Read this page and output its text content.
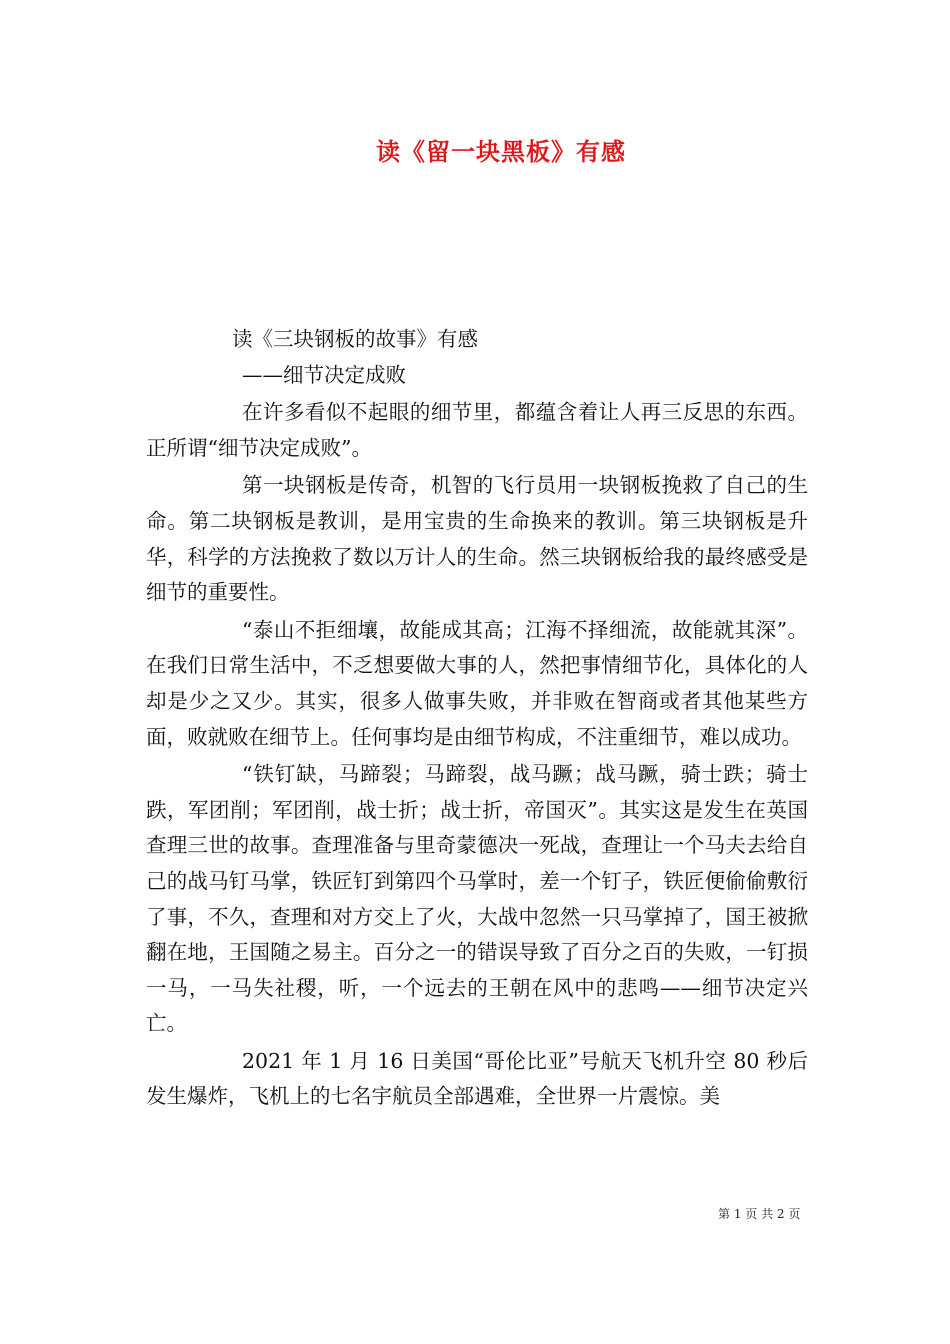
读《留一块黑板》有感

读《三块钢板的故事》有感

——细节决定成败

在许多看似不起眼的细节里，都蕴含着让人再三反思的东西。正所谓“细节决定成败”。

第一块钢板是传奇，机智的飞行员用一块钢板挽救了自己的生命。第二块钢板是教训，是用宝贵的生命换来的教训。第三块钢板是升华，科学的方法挽救了数以万计人的生命。然三块钢板给我的最终感受是细节的重要性。

“泰山不拒细壤，故能成其高；江海不择细流，故能就其深”。在我们日常生活中，不乏想要做大事的人，然把事情细节化，具体化的人却是少之又少。其实，很多人做事失败，并非败在智商或者其他某些方面，败就败在细节上。任何事均是由细节构成，不注重细节，难以成功。

“铁钉缺，马蹄裂；马蹄裂，战马蹶；战马蹶，骑士跌；骑士跌，军团削；军团削，战士折；战士折，帝国灭”。其实这是发生在英国查理三世的故事。查理准备与里奇蒙德决一死战，查理让一个马夫去给自己的战马钉马掌，铁匠钉到第四个马掌时，差一个钉子，铁匠便偷偷敷衍了事，不久，查理和对方交上了火，大战中忽然一只马掌掉了，国王被掀翻在地，王国随之易主。百分之一的错误导致了百分之百的失败，一钉损一马，一马失社稷，听，一个远去的王朝在风中的悲鸣——细节决定兴亡。

2021 年 1 月 16 日美国“哥伦比亚”号航天飞机升空 80 秒后发生爆炸，飞机上的七名宇航员全部遇难，全世界一片震惊。美

第 1 页 共 2 页
